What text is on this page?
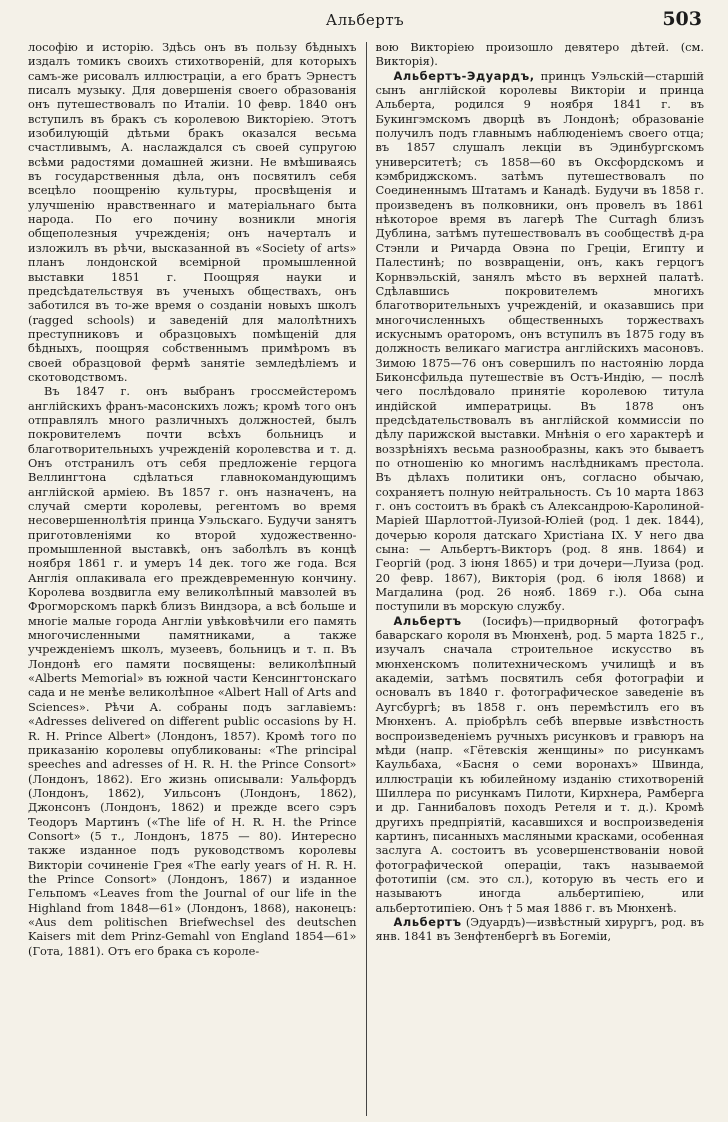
Альбертъ	503

лософію и исторію. Здѣсь онъ въ пользу бѣдныхъ издалъ томикъ своихъ стихотвореній, для которыхъ самъ-же рисовалъ иллюстраціи, а его братъ Эрнестъ писалъ музыку. Для довершенія своего образованія онъ путешествовалъ по Италіи. 10 февр. 1840 онъ вступилъ въ бракъ съ королевою Викторіею. Этотъ изобилующій дѣтьми бракъ оказался весьма счастливымъ, А. наслаждался съ своей супругою всѣми радостями домашней жизни. Не вмѣшиваясь въ государственныя дѣла, онъ посвятилъ себя всецѣло поощренію культуры, просвѣщенія и улучшенію нравственнаго и матеріальнаго быта народа. По его почину возникли многія общеполезныя учрежденія; онъ начерталъ и изложилъ въ рѣчи, высказанной въ «Society of arts» планъ лондонской всемірной промышленной выставки 1851 г. Поощряя науки и предсѣдательствуя въ ученыхъ обществахъ, онъ заботился въ то-же время о созданіи новыхъ школъ (ragged schools) и заведеній для малолѣтнихъ преступниковъ и образцовыхъ помѣщеній для бѣдныхъ, поощряя собственнымъ примѣромъ въ своей образцовой фермѣ занятіе земледѣліемъ и скотоводствомъ.

Въ 1847 г. онъ выбранъ гроссмейстеромъ англійскихъ франъ-масонскихъ ложъ; кромѣ того онъ отправлялъ много различныхъ должностей, былъ покровителемъ почти всѣхъ больницъ и благотворительныхъ учрежденій королевства и т. д. Онъ отстранилъ отъ себя предложеніе герцога Веллингтона сдѣлаться главнокомандующимъ англійской арміею. Въ 1857 г. онъ назначенъ, на случай смерти королевы, регентомъ во время несовершеннолѣтія принца Уэльскаго. Будучи занятъ приготовленіями ко второй художественно-промышленной выставкѣ, онъ заболѣлъ въ концѣ ноября 1861 г. и умеръ 14 дек. того же года. Вся Англія оплакивала его преждевременную кончину. Королева воздвигла ему великолѣпный мавзолей въ Фрогморскомъ паркѣ близъ Виндзора, а всѣ больше и многіе малые города Англіи увѣковѣчили его память многочисленными памятниками, а также учрежденіемъ школъ, музеевъ, больницъ и т. п. Въ Лондонѣ его памяти посвящены: великолѣпный «Alberts Memorial» въ южной части Кенсингтонскаго сада и не менѣе великолѣпное «Albert Hall of Arts and Sciences». Рѣчи А. собраны подъ заглавіемъ: «Adresses delivered on different public occasions by H. R. H. Prince Albert» (Лондонъ, 1857). Кромѣ того по приказанію королевы опубликованы: «The principal speeches and adresses of H. R. H. the Prince Consort» (Лондонъ, 1862). Его жизнь описывали: Уальфордъ (Лондонъ, 1862), Уильсонъ (Лондонъ, 1862), Джонсонъ (Лондонъ, 1862) и прежде всего сэръ Теодоръ Мартинъ («The life of H. R. H. the Prince Consort» (5 т., Лондонъ, 1875 — 80). Интересно также изданное подъ руководствомъ королевы Викторіи сочиненіе Грея «The early years of H. R. H. the Prince Consort» (Лондонъ, 1867) и изданное Гельпомъ «Leaves from the Journal of our life in the Highland from 1848—61» (Лондонъ, 1868), наконецъ: «Aus dem politischen Briefwechsel des deutschen Kaisers mit dem Prinz-Gemahl von England 1854—61» (Гота, 1881). Отъ его брака съ короле-

вою Викторіею произошло девятеро дѣтей. (см. Викторія).

Альбертъ-Эдуардъ, принцъ Уэльскій—старшій сынъ англійской королевы Викторіи и принца Альберта, родился 9 ноября 1841 г. въ Букингэмскомъ дворцѣ въ Лондонѣ; образованіе получилъ подъ главнымъ наблюденіемъ своего отца; въ 1857 слушалъ лекціи въ Эдинбургскомъ университетѣ; съ 1858—60 въ Оксфордскомъ и кэмбриджскомъ. затѣмъ путешествовалъ по Соединеннымъ Штатамъ и Канадѣ. Будучи въ 1858 г. произведенъ въ полковники, онъ провелъ въ 1861 нѣкоторое время въ лагерѣ The Curragh близъ Дублина, затѣмъ путешествовалъ въ сообществѣ д-ра Стэнли и Ричарда Овэна по Греціи, Египту и Палестинѣ; по возвращеніи, онъ, какъ герцогъ Корнвэльскій, занялъ мѣсто въ верхней палатѣ. Сдѣлавшись покровителемъ многихъ благотворительныхъ учрежденій, и оказавшись при многочисленныхъ общественныхъ торжествахъ искуснымъ ораторомъ, онъ вступилъ въ 1875 году въ должность великаго магистра англійскихъ масоновъ. Зимою 1875—76 онъ совершилъ по настоянію лорда Биконсфильда путешествіе въ Остъ-Индію, — послѣ чего послѣдовало принятіе королевою титула индійской императрицы. Въ 1878 онъ предсѣдательствовалъ въ англійской коммиссіи по дѣлу парижской выставки. Мнѣнія о его характерѣ и воззрѣніяхъ весьма разнообразны, какъ это бываетъ по отношенію ко многимъ наслѣдникамъ престола. Въ дѣлахъ политики онъ, согласно обычаю, сохраняетъ полную нейтральность. Съ 10 марта 1863 г. онъ состоитъ въ бракѣ съ Александрою-Каролиной-Маріей Шарлоттой-Луизой-Юліей (род. 1 дек. 1844), дочерью короля датскаго Христіана IX. У него два сына: — Альбертъ-Викторъ (род. 8 янв. 1864) и Георгій (род. 3 іюня 1865) и три дочери—Луиза (род. 20 февр. 1867), Викторія (род. 6 іюля 1868) и Магдалина (род. 26 нояб. 1869 г.). Оба сына поступили въ морскую службу.

Альбертъ (Іосифъ)—придворный фотографъ баварскаго короля въ Мюнхенѣ, род. 5 марта 1825 г., изучалъ сначала строительное искусство въ мюнхенскомъ политехническомъ училищѣ и въ академіи, затѣмъ посвятилъ себя фотографіи и основалъ въ 1840 г. фотографическое заведеніе въ Аугсбургѣ; въ 1858 г. онъ перемѣстилъ его въ Мюнхенъ. А. пріобрѣлъ себѣ впервые извѣстность воспроизведеніемъ ручныхъ рисунковъ и гравюръ на мѣди (напр. «Гётевскія женщины» по рисункамъ Каульбаха, «Басня о семи воронахъ» Швинда, иллюстраціи къ юбилейному изданію стихотвореній Шиллера по рисункамъ Пилоти, Кирхнера, Рамберга и др. Ганнибаловъ походъ Ретеля и т. д.). Кромѣ другихъ предпріятій, касавшихся и воспроизведенія картинъ, писанныхъ масляными красками, особенная заслуга А. состоитъ въ усовершенствованіи новой фотографической операціи, такъ называемой фототипіи (см. это сл.), которую въ честь его и называютъ иногда альбертипіею, или альбертотипіею. Онъ † 5 мая 1886 г. въ Мюнхенѣ.

Альбертъ (Эдуардъ)—извѣстный хирургъ, род. въ янв. 1841 въ Зенфтенбергѣ въ Богеміи,
